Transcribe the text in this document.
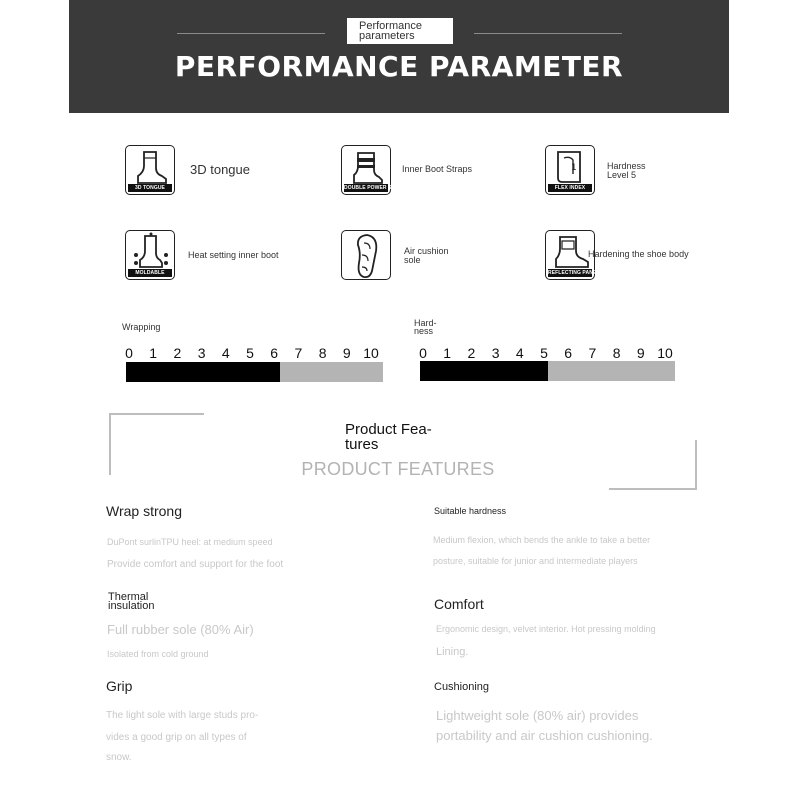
Performance
parameters
PERFORMANCE PARAMETER
3D TONGUE
3D tongue
DOUBLE POWER STRAP
Inner Boot Straps	1
FLEX INDEX
Hardness
Level 5
MOLDABLE
Heat setting inner boot	Air cushion
sole
REFLECTING PANEL
Hardening the shoe body
Wrapping
0	1	2	3	4	5	6	7	8	9 10
Hard-
ness
0	1	2	3	4	5	6	7	8	9 10
Product Fea-
tures
PRODUCT FEATURES
Wrap strong
DuPont surlinTPU heel: at medium speed
Provide comfort and support for the foot
Suitable hardness
Medium flexion, which bends the ankle to take a better
posture, suitable for junior and intermediate players
Thermal
insulation
Full rubber sole (80% Air)
Isolated from cold ground
Comfort
Ergonomic design, velvet interior. Hot pressing molding
Lining.
Grip
The light sole with large studs pro-
vides a good grip on all types of
snow.
Cushioning
Lightweight sole (80% air) provides
portability and air cushion cushioning.
